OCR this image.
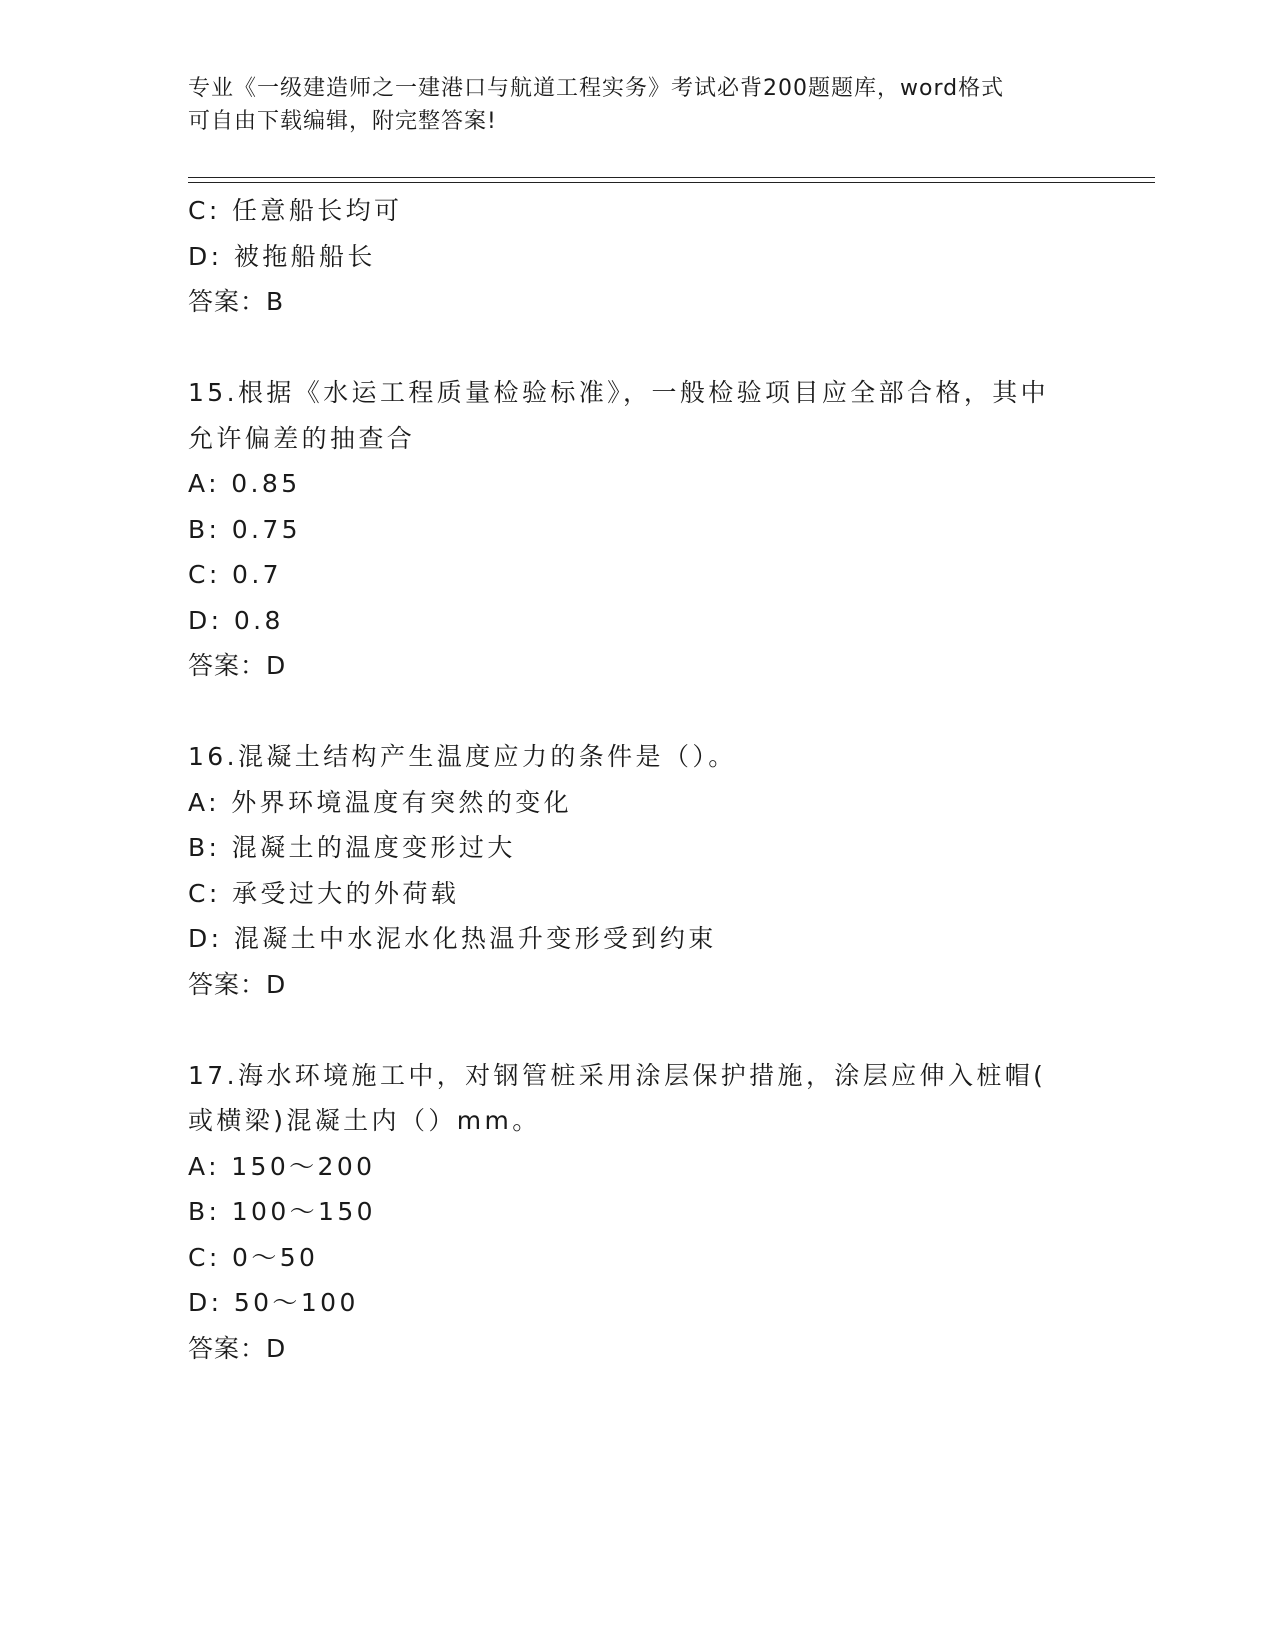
专业《一级建造师之一建港口与航道工程实务》考试必背200题题库，word格式
可自由下载编辑，附完整答案!
C: 任意船长均可
D: 被拖船船长
答案：B
15.根据《水运工程质量检验标准》，一般检验项目应全部合格，其中
允许偏差的抽查合
A: 0.85
B: 0.75
C: 0.7
D: 0.8
答案：D
16.混凝土结构产生温度应力的条件是（）。
A: 外界环境温度有突然的变化
B: 混凝土的温度变形过大
C: 承受过大的外荷载
D: 混凝土中水泥水化热温升变形受到约束
答案：D
17.海水环境施工中，对钢管桩采用涂层保护措施，涂层应伸入桩帽(
或横梁)混凝土内（）mm。
A: 150～200
B: 100～150
C: 0～50
D: 50～100
答案：D
